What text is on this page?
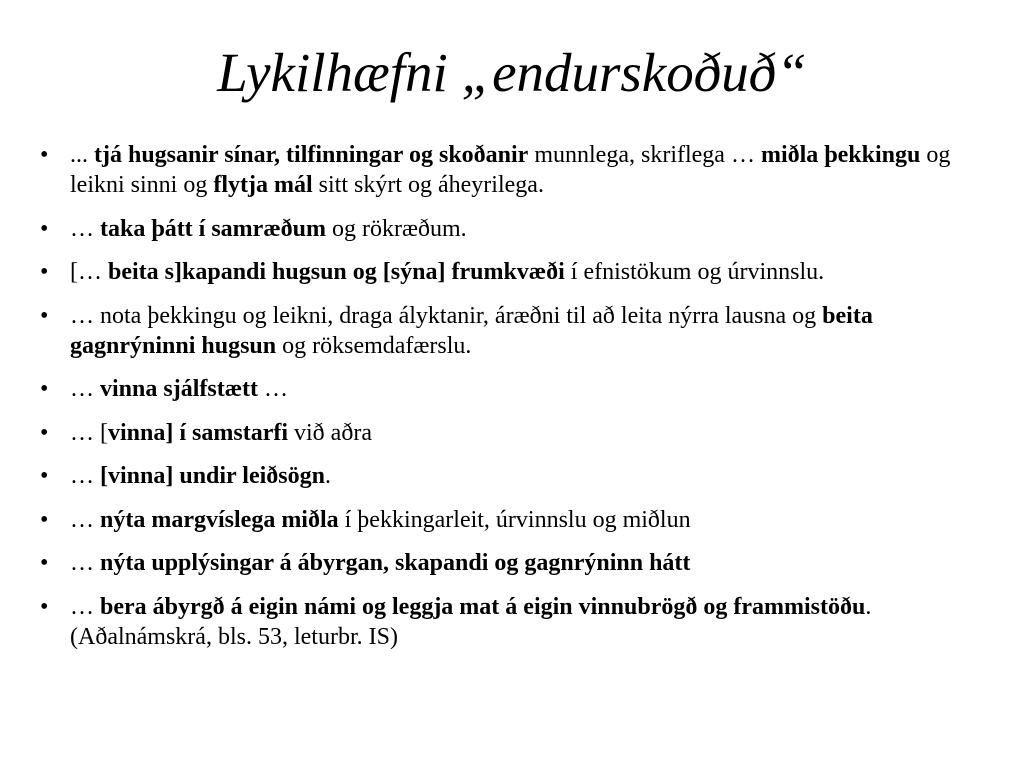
Lykilhæfni „endurskoðuð“
• ... tjá hugsanir sínar, tilfinningar og skoðanir munnlega, skriflega … miðla þekkingu og leikni sinni og flytja mál sitt skýrt og áheyrilega.
• … taka þátt í samræðum og rökræðum.
• [… beita s]kapandi hugsun og [sýna] frumkvæði í efnistökum og úrvinnslu.
• … nota þekkingu og leikni, draga ályktanir, áræðni til að leita nýrra lausna og beita gagnrýninni hugsun og röksemdafærslu.
• … vinna sjálfstætt …
• … [vinna] í samstarfi við aðra
• … [vinna] undir leiðsögn.
• … nýta margvíslega miðla í þekkingarleit, úrvinnslu og miðlun
• … nýta upplýsingar á ábyrgan, skapandi og gagnrýninn hátt
• … bera ábyrgð á eigin námi og leggja mat á eigin vinnubrögð og frammistöðu. (Aðalnámskrá, bls. 53, leturbr. IS)
